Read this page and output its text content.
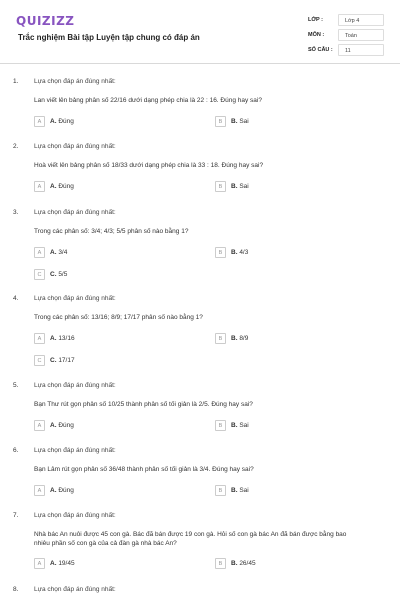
QUIZIZZ
Trắc nghiệm Bài tập Luyện tập chung có đáp án
LỚP :	Lớp 4
MÔN :	Toán
SỐ CÂU :	11
1. Lựa chọn đáp án đúng nhất:
Lan viết lên bảng phân số 22/16 dưới dạng phép chia là 22 : 16. Đúng hay sai?
A	A. Đúng	B	B. Sai
2. Lựa chọn đáp án đúng nhất:
Hoà viết lên bảng phân số 18/33 dưới dạng phép chia là 33 : 18. Đúng hay sai?
A	A. Đúng	B	B. Sai
3. Lựa chọn đáp án đúng nhất:
Trong các phân số: 3/4; 4/3; 5/5 phân số nào bằng 1?
A	A. 3/4	B	B. 4/3
C	C. 5/5
4. Lựa chọn đáp án đúng nhất:
Trong các phân số: 13/16; 8/9; 17/17 phân số nào bằng 1?
A	A. 13/16	B	B. 8/9
C	C. 17/17
5. Lựa chọn đáp án đúng nhất:
Bạn Thư rút gọn phân số 10/25 thành phân số tối giản là 2/5. Đúng hay sai?
A	A. Đúng	B	B. Sai
6. Lựa chọn đáp án đúng nhất:
Bạn Lâm rút gọn phân số 36/48 thành phân số tối giản là 3/4. Đúng hay sai?
A	A. Đúng	B	B. Sai
7. Lựa chọn đáp án đúng nhất:
Nhà bác An nuôi được 45 con gà. Bác đã bán được 19 con gà. Hỏi số con gà bác An đã bán được bằng bao nhiêu phần số con gà của cả đàn gà nhà bác An?
A	A. 19/45	B	B. 26/45
8. Lựa chọn đáp án đúng nhất:
